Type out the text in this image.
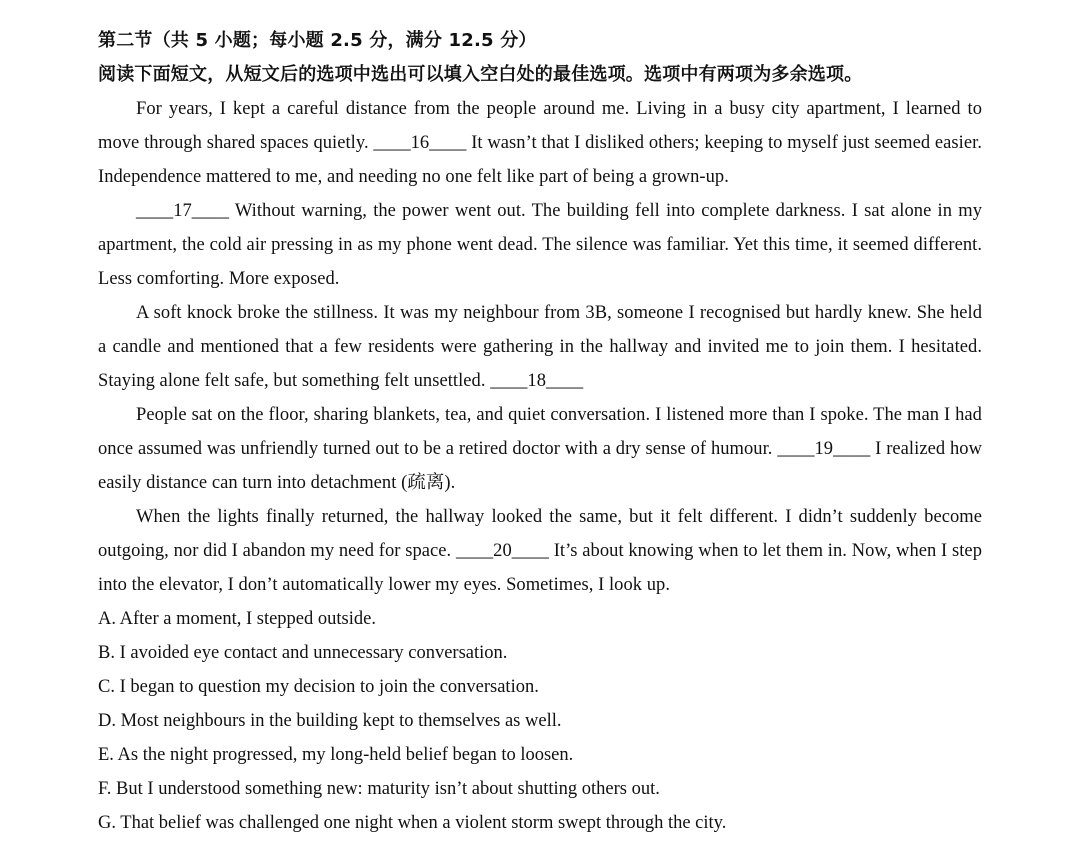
第二节（共 5 小题；每小题 2.5 分，满分 12.5 分）
阅读下面短文，从短文后的选项中选出可以填入空白处的最佳选项。选项中有两项为多余选项。

For years, I kept a careful distance from the people around me. Living in a busy city apartment, I learned to move through shared spaces quietly. ____16____ It wasn’t that I disliked others; keeping to myself just seemed easier. Independence mattered to me, and needing no one felt like part of being a grown-up.

____17____ Without warning, the power went out. The building fell into complete darkness. I sat alone in my apartment, the cold air pressing in as my phone went dead. The silence was familiar. Yet this time, it seemed different. Less comforting. More exposed.

A soft knock broke the stillness. It was my neighbour from 3B, someone I recognised but hardly knew. She held a candle and mentioned that a few residents were gathering in the hallway and invited me to join them. I hesitated. Staying alone felt safe, but something felt unsettled. ____18____

People sat on the floor, sharing blankets, tea, and quiet conversation. I listened more than I spoke. The man I had once assumed was unfriendly turned out to be a retired doctor with a dry sense of humour. ____19____ I realized how easily distance can turn into detachment (疏离).

When the lights finally returned, the hallway looked the same, but it felt different. I didn’t suddenly become outgoing, nor did I abandon my need for space. ____20____ It’s about knowing when to let them in. Now, when I step into the elevator, I don’t automatically lower my eyes. Sometimes, I look up.

A. After a moment, I stepped outside.
B. I avoided eye contact and unnecessary conversation.
C. I began to question my decision to join the conversation.
D. Most neighbours in the building kept to themselves as well.
E. As the night progressed, my long-held belief began to loosen.
F. But I understood something new: maturity isn’t about shutting others out.
G. That belief was challenged one night when a violent storm swept through the city.
